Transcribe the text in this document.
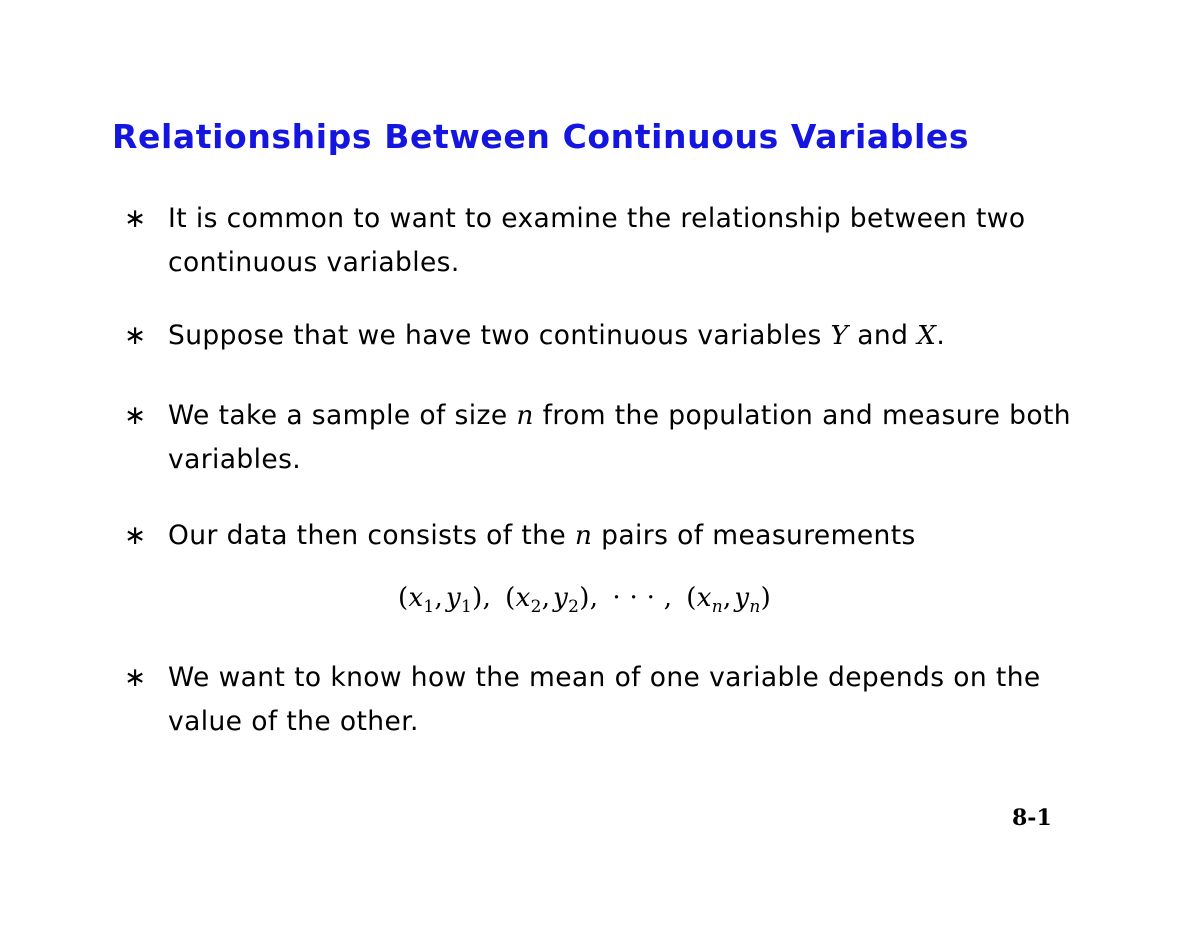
Relationships Between Continuous Variables
∗ It is common to want to examine the relationship between two continuous variables.
∗ Suppose that we have two continuous variables Y and X.
∗ We take a sample of size n from the population and measure both variables.
∗ Our data then consists of the n pairs of measurements
($x_1$, $y_1$), ($x_2$, $y_2$), · · · , ($x_n$, $y_n$)
∗ We want to know how the mean of one variable depends on the value of the other.
8-1
